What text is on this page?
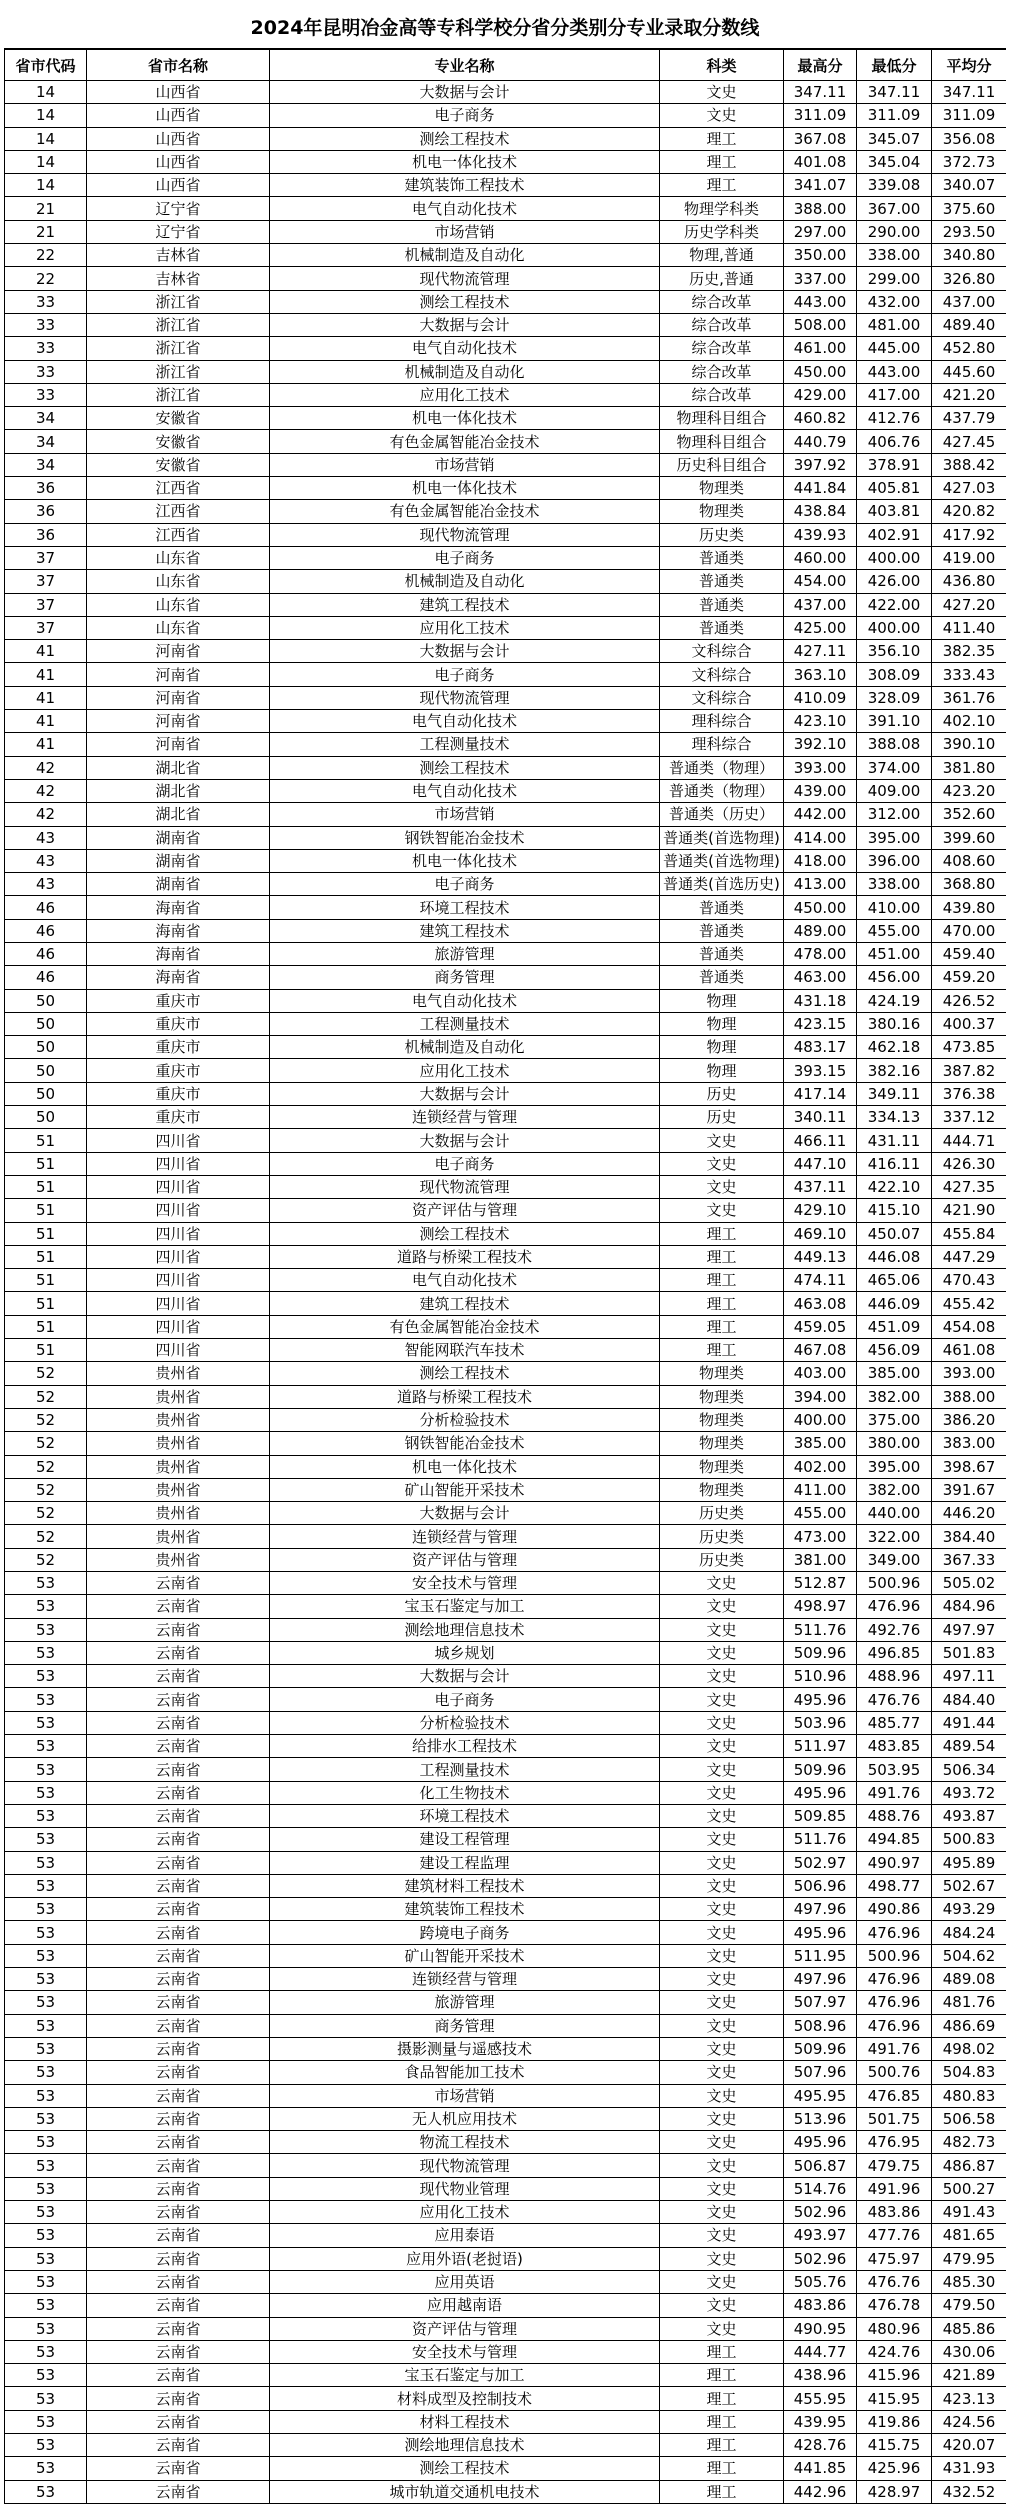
2024年昆明冶金高等专科学校分省分类别分专业录取分数线
省市代码	省市名称	专业名称	科类	最高分	最低分	平均分
14	山西省	大数据与会计	文史	347.11	347.11	347.11
14	山西省	电子商务	文史	311.09	311.09	311.09
14	山西省	测绘工程技术	理工	367.08	345.07	356.08
14	山西省	机电一体化技术	理工	401.08	345.04	372.73
14	山西省	建筑装饰工程技术	理工	341.07	339.08	340.07
21	辽宁省	电气自动化技术	物理学科类	388.00	367.00	375.60
21	辽宁省	市场营销	历史学科类	297.00	290.00	293.50
22	吉林省	机械制造及自动化	物理,普通	350.00	338.00	340.80
22	吉林省	现代物流管理	历史,普通	337.00	299.00	326.80
33	浙江省	测绘工程技术	综合改革	443.00	432.00	437.00
33	浙江省	大数据与会计	综合改革	508.00	481.00	489.40
33	浙江省	电气自动化技术	综合改革	461.00	445.00	452.80
33	浙江省	机械制造及自动化	综合改革	450.00	443.00	445.60
33	浙江省	应用化工技术	综合改革	429.00	417.00	421.20
34	安徽省	机电一体化技术	物理科目组合	460.82	412.76	437.79
34	安徽省	有色金属智能冶金技术	物理科目组合	440.79	406.76	427.45
34	安徽省	市场营销	历史科目组合	397.92	378.91	388.42
36	江西省	机电一体化技术	物理类	441.84	405.81	427.03
36	江西省	有色金属智能冶金技术	物理类	438.84	403.81	420.82
36	江西省	现代物流管理	历史类	439.93	402.91	417.92
37	山东省	电子商务	普通类	460.00	400.00	419.00
37	山东省	机械制造及自动化	普通类	454.00	426.00	436.80
37	山东省	建筑工程技术	普通类	437.00	422.00	427.20
37	山东省	应用化工技术	普通类	425.00	400.00	411.40
41	河南省	大数据与会计	文科综合	427.11	356.10	382.35
41	河南省	电子商务	文科综合	363.10	308.09	333.43
41	河南省	现代物流管理	文科综合	410.09	328.09	361.76
41	河南省	电气自动化技术	理科综合	423.10	391.10	402.10
41	河南省	工程测量技术	理科综合	392.10	388.08	390.10
42	湖北省	测绘工程技术	普通类（物理）	393.00	374.00	381.80
42	湖北省	电气自动化技术	普通类（物理）	439.00	409.00	423.20
42	湖北省	市场营销	普通类（历史）	442.00	312.00	352.60
43	湖南省	钢铁智能冶金技术	普通类(首选物理)	414.00	395.00	399.60
43	湖南省	机电一体化技术	普通类(首选物理)	418.00	396.00	408.60
43	湖南省	电子商务	普通类(首选历史)	413.00	338.00	368.80
46	海南省	环境工程技术	普通类	450.00	410.00	439.80
46	海南省	建筑工程技术	普通类	489.00	455.00	470.00
46	海南省	旅游管理	普通类	478.00	451.00	459.40
46	海南省	商务管理	普通类	463.00	456.00	459.20
50	重庆市	电气自动化技术	物理	431.18	424.19	426.52
50	重庆市	工程测量技术	物理	423.15	380.16	400.37
50	重庆市	机械制造及自动化	物理	483.17	462.18	473.85
50	重庆市	应用化工技术	物理	393.15	382.16	387.82
50	重庆市	大数据与会计	历史	417.14	349.11	376.38
50	重庆市	连锁经营与管理	历史	340.11	334.13	337.12
51	四川省	大数据与会计	文史	466.11	431.11	444.71
51	四川省	电子商务	文史	447.10	416.11	426.30
51	四川省	现代物流管理	文史	437.11	422.10	427.35
51	四川省	资产评估与管理	文史	429.10	415.10	421.90
51	四川省	测绘工程技术	理工	469.10	450.07	455.84
51	四川省	道路与桥梁工程技术	理工	449.13	446.08	447.29
51	四川省	电气自动化技术	理工	474.11	465.06	470.43
51	四川省	建筑工程技术	理工	463.08	446.09	455.42
51	四川省	有色金属智能冶金技术	理工	459.05	451.09	454.08
51	四川省	智能网联汽车技术	理工	467.08	456.09	461.08
52	贵州省	测绘工程技术	物理类	403.00	385.00	393.00
52	贵州省	道路与桥梁工程技术	物理类	394.00	382.00	388.00
52	贵州省	分析检验技术	物理类	400.00	375.00	386.20
52	贵州省	钢铁智能冶金技术	物理类	385.00	380.00	383.00
52	贵州省	机电一体化技术	物理类	402.00	395.00	398.67
52	贵州省	矿山智能开采技术	物理类	411.00	382.00	391.67
52	贵州省	大数据与会计	历史类	455.00	440.00	446.20
52	贵州省	连锁经营与管理	历史类	473.00	322.00	384.40
52	贵州省	资产评估与管理	历史类	381.00	349.00	367.33
53	云南省	安全技术与管理	文史	512.87	500.96	505.02
53	云南省	宝玉石鉴定与加工	文史	498.97	476.96	484.96
53	云南省	测绘地理信息技术	文史	511.76	492.76	497.97
53	云南省	城乡规划	文史	509.96	496.85	501.83
53	云南省	大数据与会计	文史	510.96	488.96	497.11
53	云南省	电子商务	文史	495.96	476.76	484.40
53	云南省	分析检验技术	文史	503.96	485.77	491.44
53	云南省	给排水工程技术	文史	511.97	483.85	489.54
53	云南省	工程测量技术	文史	509.96	503.95	506.34
53	云南省	化工生物技术	文史	495.96	491.76	493.72
53	云南省	环境工程技术	文史	509.85	488.76	493.87
53	云南省	建设工程管理	文史	511.76	494.85	500.83
53	云南省	建设工程监理	文史	502.97	490.97	495.89
53	云南省	建筑材料工程技术	文史	506.96	498.77	502.67
53	云南省	建筑装饰工程技术	文史	497.96	490.86	493.29
53	云南省	跨境电子商务	文史	495.96	476.96	484.24
53	云南省	矿山智能开采技术	文史	511.95	500.96	504.62
53	云南省	连锁经营与管理	文史	497.96	476.96	489.08
53	云南省	旅游管理	文史	507.97	476.96	481.76
53	云南省	商务管理	文史	508.96	476.96	486.69
53	云南省	摄影测量与遥感技术	文史	509.96	491.76	498.02
53	云南省	食品智能加工技术	文史	507.96	500.76	504.83
53	云南省	市场营销	文史	495.95	476.85	480.83
53	云南省	无人机应用技术	文史	513.96	501.75	506.58
53	云南省	物流工程技术	文史	495.96	476.95	482.73
53	云南省	现代物流管理	文史	506.87	479.75	486.87
53	云南省	现代物业管理	文史	514.76	491.96	500.27
53	云南省	应用化工技术	文史	502.96	483.86	491.43
53	云南省	应用泰语	文史	493.97	477.76	481.65
53	云南省	应用外语(老挝语)	文史	502.96	475.97	479.95
53	云南省	应用英语	文史	505.76	476.76	485.30
53	云南省	应用越南语	文史	483.86	476.78	479.50
53	云南省	资产评估与管理	文史	490.95	480.96	485.86
53	云南省	安全技术与管理	理工	444.77	424.76	430.06
53	云南省	宝玉石鉴定与加工	理工	438.96	415.96	421.89
53	云南省	材料成型及控制技术	理工	455.95	415.95	423.13
53	云南省	材料工程技术	理工	439.95	419.86	424.56
53	云南省	测绘地理信息技术	理工	428.76	415.75	420.07
53	云南省	测绘工程技术	理工	441.85	425.96	431.93
53	云南省	城市轨道交通机电技术	理工	442.96	428.97	432.52
